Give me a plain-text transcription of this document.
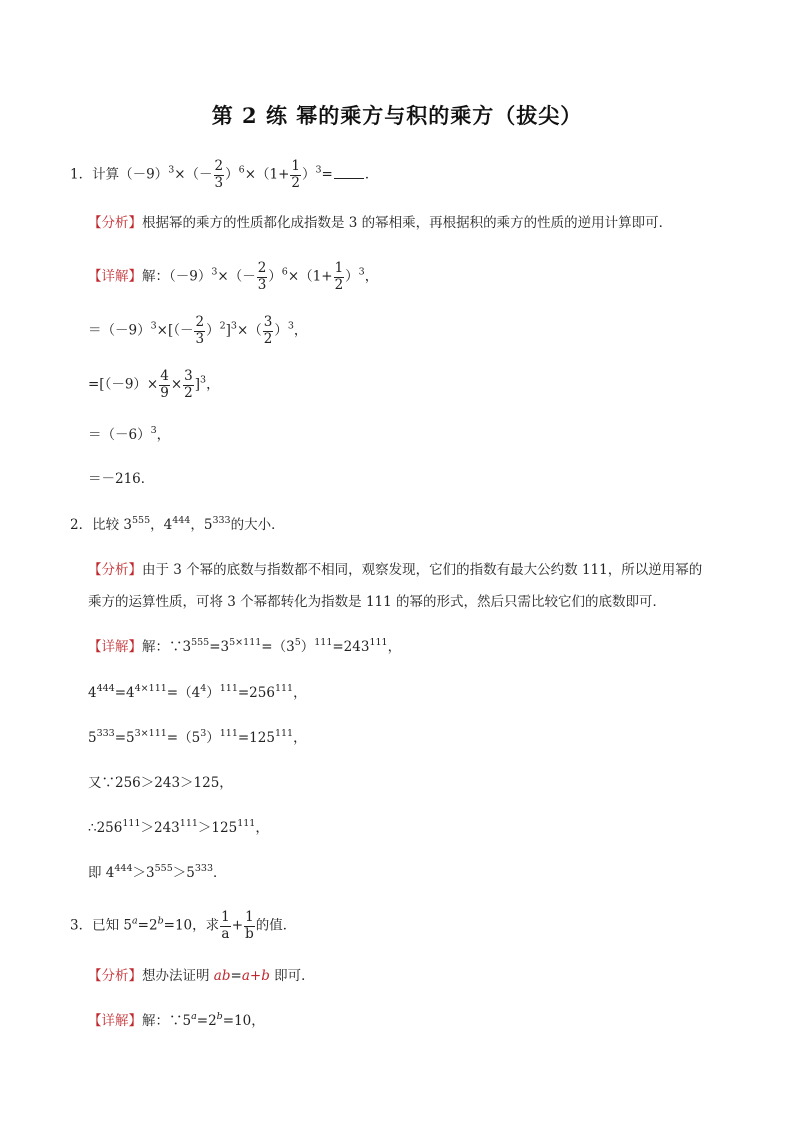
第 2 练 幂的乘方与积的乘方（拔尖）
1．计算$(-9)^3\times(- \frac{2}{3} )^6\times(1+ \frac{1}{2} )^3=$ ．
【分析】根据幂的乘方的性质都化成指数是 3 的幂相乘，再根据积的乘方的性质的逆用计算即可．
【详解】解：$(-9)^3\times(- \frac{2}{3} )^6\times(1+ \frac{1}{2} )^3$，
$=(-9)^3\times[(- \frac{2}{3} )^2]^3\times( \frac{3}{2} )^3$，
$=[(-9)\times \frac{4}{9} \times \frac{3}{2} ]^3$，
$=(-6)^3$，
＝－216．
2．比较 $3^{555}$，$4^{444}$，$5^{333}$的大小．
【分析】由于 3 个幂的底数与指数都不相同，观察发现，它们的指数有最大公约数 111，所以逆用幂的
乘方的运算性质，可将 3 个幂都转化为指数是 111 的幂的形式，然后只需比较它们的底数即可．
【详解】解：$\because 3^{555}=3^{5\times 111}=(3^5)^{111}=243^{111}$，
$4^{444}=4^{4\times 111}=(4^4)^{111}=256^{111}$，
$5^{333}=5^{3\times 111}=(5^3)^{111}=125^{111}$，
又∵256＞243＞125，
$\therefore 256^{111}>243^{111}>125^{111}$，
即 $4^{444}>3^{555}>5^{333}$．
3．已知 $5^a=2^b=10$，求 $\frac{1}{a} + \frac{1}{b}$ 的值．
【分析】想办法证明 ab=a+b 即可．
【详解】解：$\because 5^a=2^b=10$，
